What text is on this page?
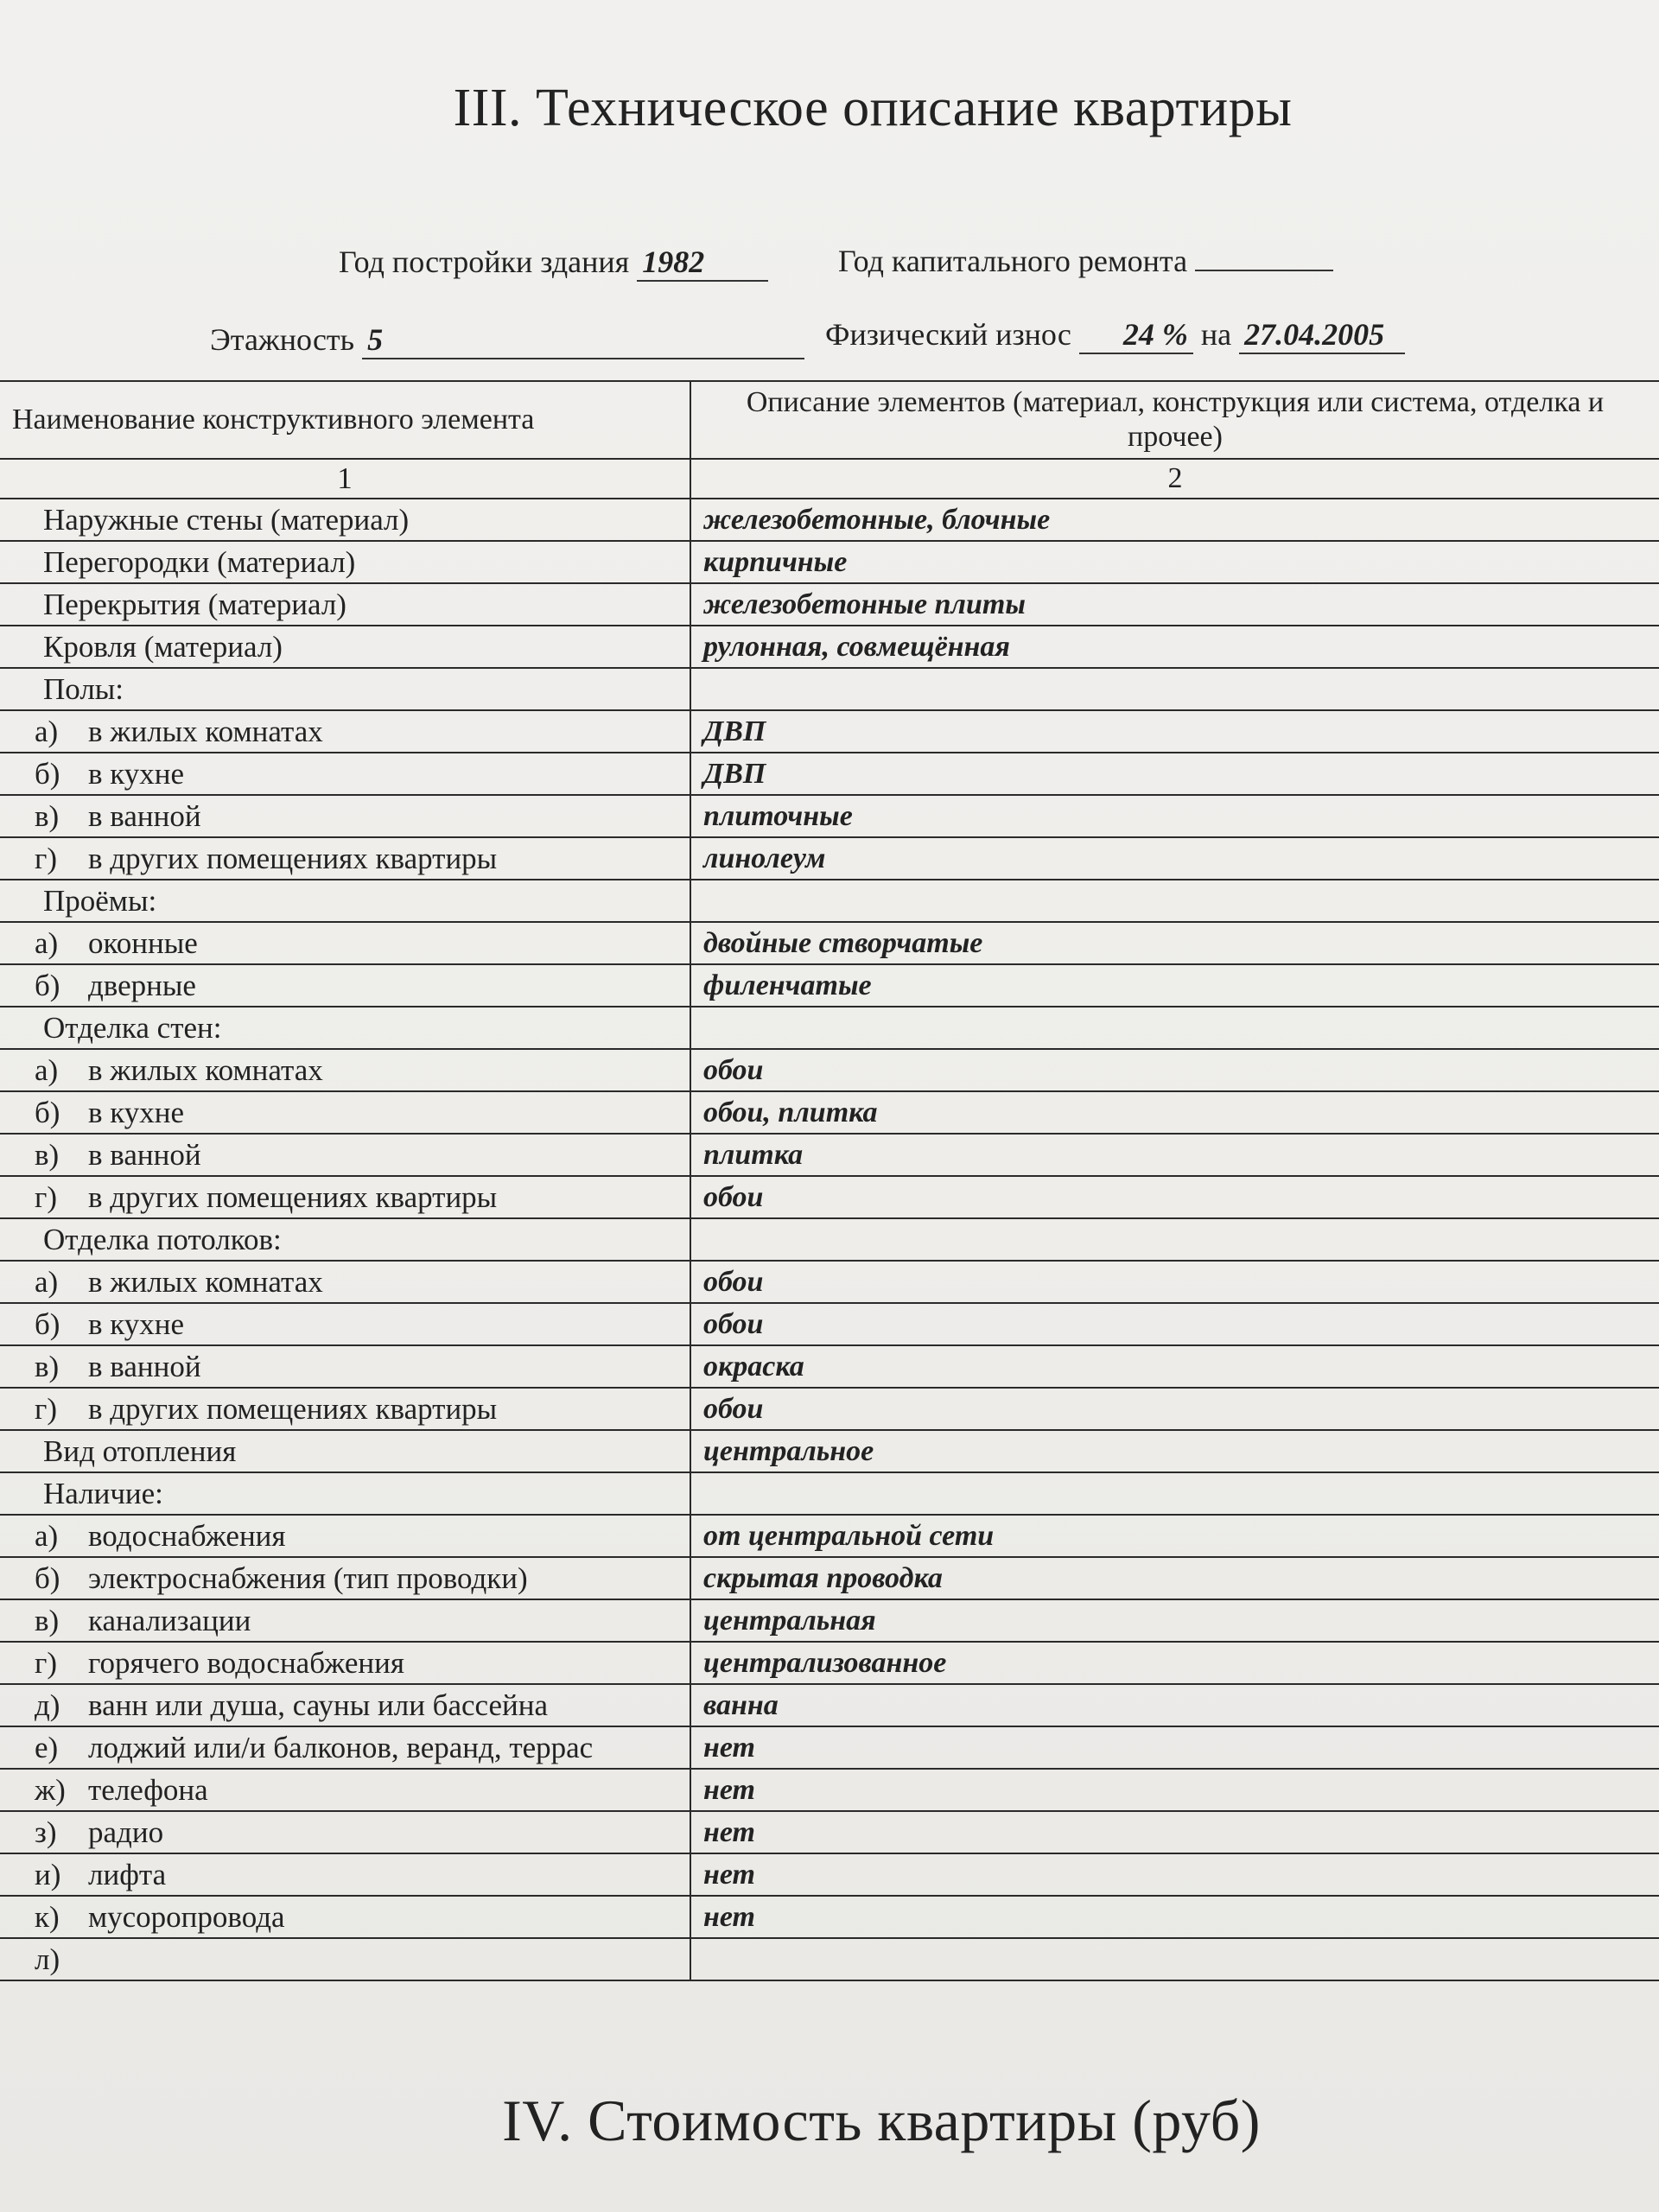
III. Техническое описание квартиры
Год постройки здания 1982	Год капитального ремонта
Этажность 5	Физический износ 24 % на 27.04.2005
Наименование конструктивного элемента	Описание элементов (материал, конструкция или система, отделка и прочее)
1	2
Наружные стены (материал)	железобетонные, блочные
Перегородки (материал)	кирпичные
Перекрытия (материал)	железобетонные плиты
Кровля (материал)	рулонная, совмещённая
Полы:	
а) в жилых комнатах	ДВП
б) в кухне	ДВП
в) в ванной	плиточные
г) в других помещениях квартиры	линолеум
Проёмы:	
а) оконные	двойные створчатые
б) дверные	филенчатые
Отделка стен:	
а) в жилых комнатах	обои
б) в кухне	обои, плитка
в) в ванной	плитка
г) в других помещениях квартиры	обои
Отделка потолков:	
а) в жилых комнатах	обои
б) в кухне	обои
в) в ванной	окраска
г) в других помещениях квартиры	обои
Вид отопления	центральное
Наличие:	
а) водоснабжения	от центральной сети
б) электроснабжения (тип проводки)	скрытая проводка
в) канализации	центральная
г) горячего водоснабжения	централизованное
д) ванн или душа, сауны или бассейна	ванна
е) лоджий или/и балконов, веранд, террас	нет
ж) телефона	нет
з) радио	нет
и) лифта	нет
к) мусоропровода	нет
л)	
IV. Стоимость квартиры (руб)
